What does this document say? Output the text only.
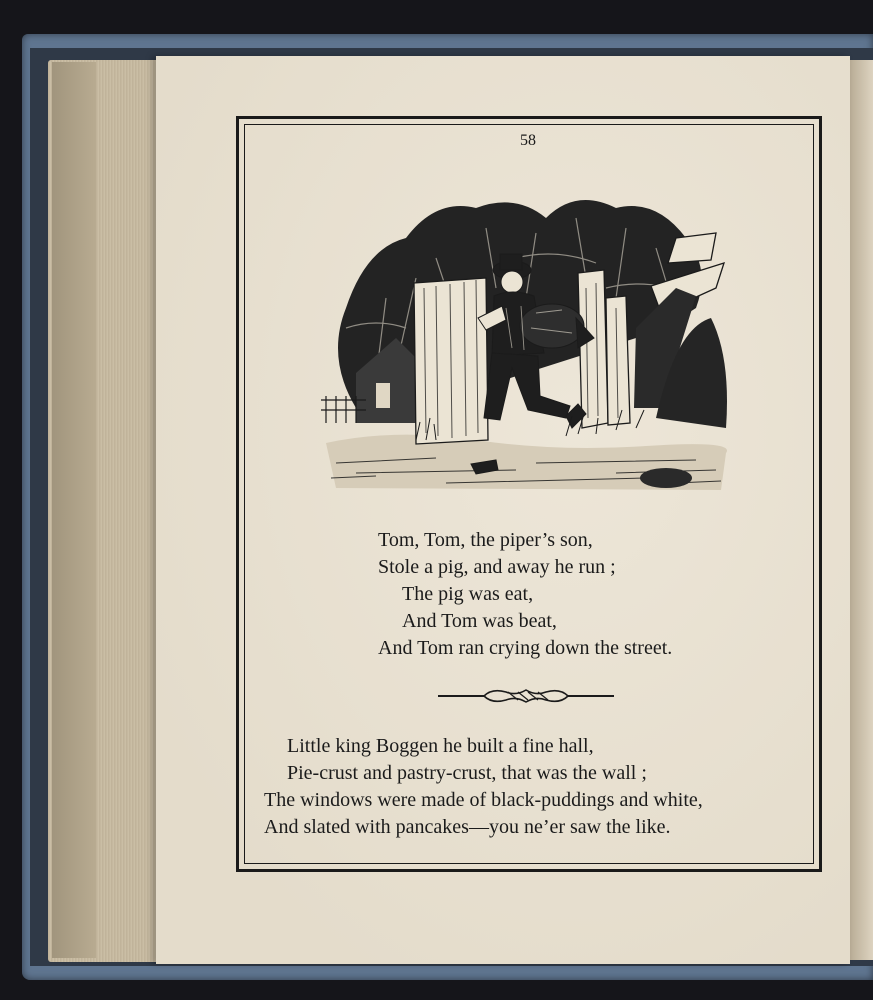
58
Tom, Tom, the piper’s son,
Stole a pig, and away he run ;
The pig was eat,
And Tom was beat,
And Tom ran crying down the street.
Little king Boggen he built a fine hall,
Pie-crust and pastry-crust, that was the wall ;
The windows were made of black-puddings and white,
And slated with pancakes—you ne’er saw the like.
